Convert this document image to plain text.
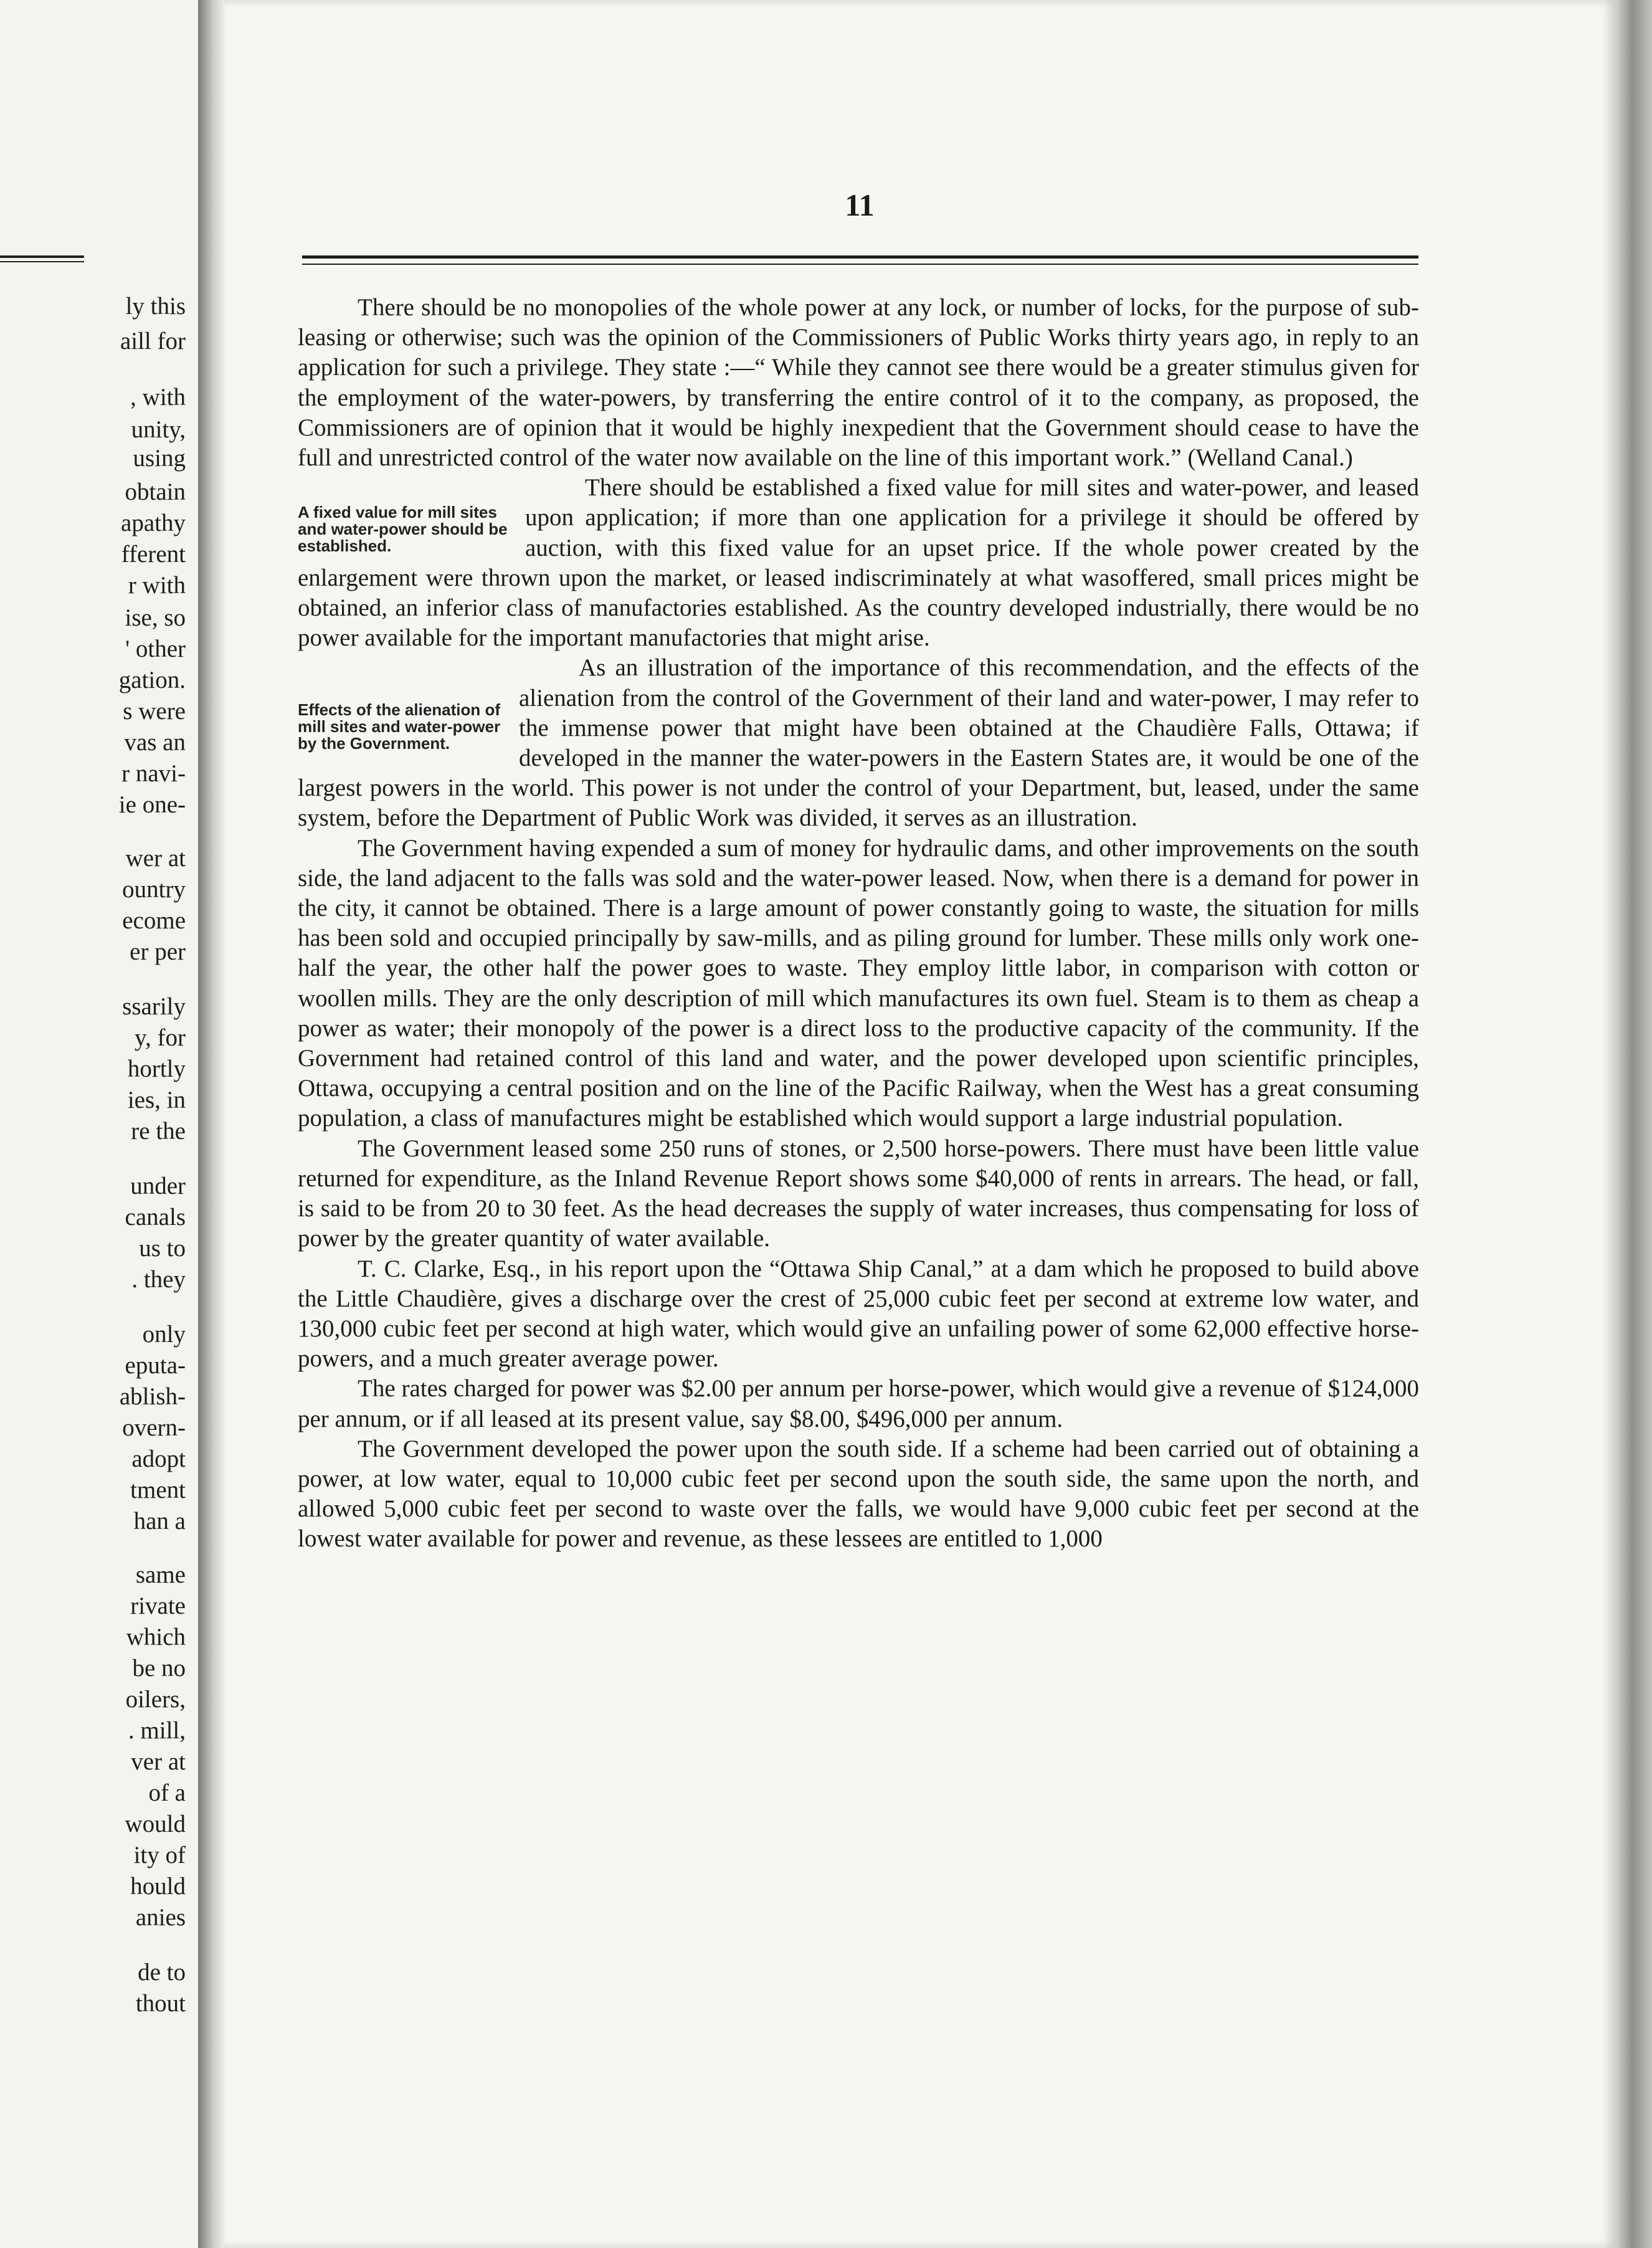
ly this
aill for
, with
unity,
using
obtain
apathy
fferent
r with
ise, so
' other
gation.
s were
vas an
r navi-
ie one-
wer at
ountry
ecome
er per
ssarily
y, for
hortly
ies, in
re the
under
canals
us to
. they
only
eputa-
ablish-
overn-
adopt
tment
han a
same
rivate
which
be no
oilers,
. mill,
ver at
of a
would
ity of
hould
anies
de to
thout
11

There should be no monopolies of the whole power at any lock, or number of locks, for the purpose of sub-leasing or otherwise; such was the opinion of the Commissioners of Public Works thirty years ago, in reply to an application for such a privilege. They state :—“ While they cannot see there would be a greater stimulus given for the employment of the water-powers, by transferring the entire control of it to the company, as proposed, the Commissioners are of opinion that it would be highly inexpedient that the Government should cease to have the full and unrestricted control of the water now available on the line of this important work.” (Welland Canal.)

A fixed value for mill sites and water-power should be established.
There should be established a fixed value for mill sites and water-power, and leased upon application; if more than one application for a privilege it should be offered by auction, with this fixed value for an upset price. If the whole power created by the enlargement were thrown upon the market, or leased indiscriminately at what wasoffered, small prices might be obtained, an inferior class of manufactories established. As the country developed industrially, there would be no power available for the important manufactories that might arise.

Effects of the alienation of mill sites and water-power by the Government.
As an illustration of the importance of this recommendation, and the effects of the alienation from the control of the Government of their land and water-power, I may refer to the immense power that might have been obtained at the Chaudière Falls, Ottawa; if developed in the manner the water-powers in the Eastern States are, it would be one of the largest powers in the world. This power is not under the control of your Department, but, leased, under the same system, before the Department of Public Work was divided, it serves as an illustration.

The Government having expended a sum of money for hydraulic dams, and other improvements on the south side, the land adjacent to the falls was sold and the water-power leased. Now, when there is a demand for power in the city, it cannot be obtained. There is a large amount of power constantly going to waste, the situation for mills has been sold and occupied principally by saw-mills, and as piling ground for lumber. These mills only work one-half the year, the other half the power goes to waste. They employ little labor, in comparison with cotton or woollen mills. They are the only description of mill which manufactures its own fuel. Steam is to them as cheap a power as water; their monopoly of the power is a direct loss to the productive capacity of the community. If the Government had retained control of this land and water, and the power developed upon scientific principles, Ottawa, occupying a central position and on the line of the Pacific Railway, when the West has a great consuming population, a class of manufactures might be established which would support a large industrial population.

The Government leased some 250 runs of stones, or 2,500 horse-powers. There must have been little value returned for expenditure, as the Inland Revenue Report shows some $40,000 of rents in arrears. The head, or fall, is said to be from 20 to 30 feet. As the head decreases the supply of water increases, thus compensating for loss of power by the greater quantity of water available.

T. C. Clarke, Esq., in his report upon the “Ottawa Ship Canal,” at a dam which he proposed to build above the Little Chaudière, gives a discharge over the crest of 25,000 cubic feet per second at extreme low water, and 130,000 cubic feet per second at high water, which would give an unfailing power of some 62,000 effective horse-powers, and a much greater average power.

The rates charged for power was $2.00 per annum per horse-power, which would give a revenue of $124,000 per annum, or if all leased at its present value, say $8.00, $496,000 per annum.

The Government developed the power upon the south side. If a scheme had been carried out of obtaining a power, at low water, equal to 10,000 cubic feet per second upon the south side, the same upon the north, and allowed 5,000 cubic feet per second to waste over the falls, we would have 9,000 cubic feet per second at the lowest water available for power and revenue, as these lessees are entitled to 1,000
